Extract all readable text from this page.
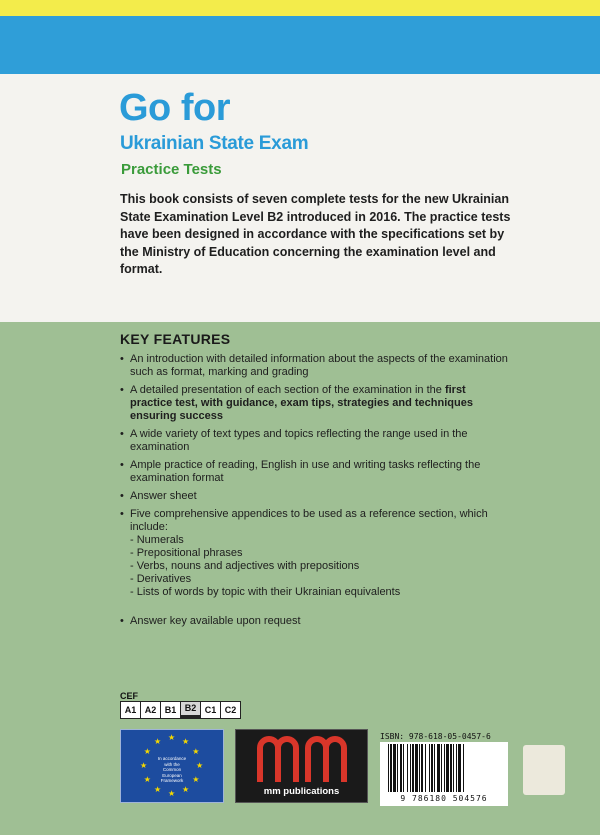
Go for
Ukrainian State Exam
Practice Tests

This book consists of seven complete tests for the new Ukrainian State Examination Level B2 introduced in 2016. The practice tests have been designed in accordance with the specifications set by the Ministry of Education concerning the examination level and format.

KEY FEATURES
• An introduction with detailed information about the aspects of the examination such as format, marking and grading
• A detailed presentation of each section of the examination in the first practice test, with guidance, exam tips, strategies and techniques ensuring success
• A wide variety of text types and topics reflecting the range used in the examination
• Ample practice of reading, English in use and writing tasks reflecting the examination format
• Answer sheet
• Five comprehensive appendices to be used as a reference section, which include:
- Numerals
- Prepositional phrases
- Verbs, nouns and adjectives with prepositions
- Derivatives
- Lists of words by topic with their Ukrainian equivalents
• Answer key available upon request
CEF
A1 A2 B1 B2 C1 C2
★ ★
★
★
★
★
★
★
★
★
★
★
In accordance
with the
Common
European
Framework
mm publications

ISBN: 978-618-05-0457-6

9 786180 504576
